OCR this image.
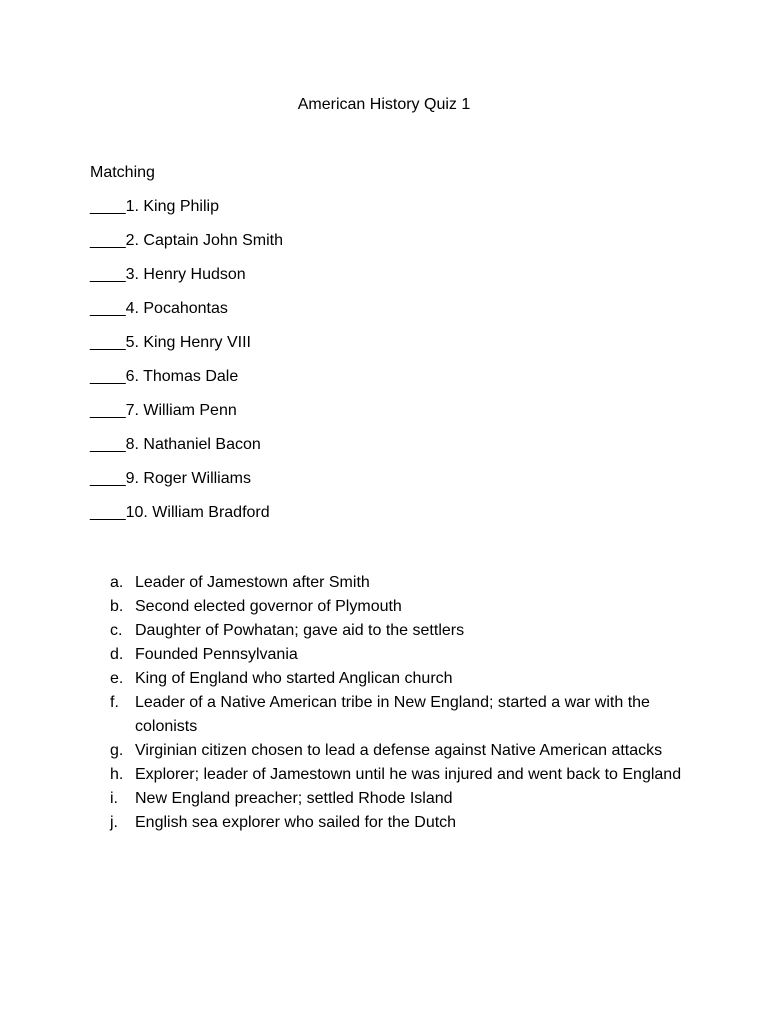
American History Quiz 1
Matching
____1. King Philip
____2. Captain John Smith
____3. Henry Hudson
____4. Pocahontas
____5. King Henry VIII
____6. Thomas Dale
____7. William Penn
____8. Nathaniel Bacon
____9. Roger Williams
____10. William Bradford
a. Leader of Jamestown after Smith
b. Second elected governor of Plymouth
c. Daughter of Powhatan; gave aid to the settlers
d. Founded Pennsylvania
e. King of England who started Anglican church
f.	Leader of a Native American tribe in New England; started a war with the colonists
g. Virginian citizen chosen to lead a defense against Native American attacks
h. Explorer; leader of Jamestown until he was injured and went back to England
i.	New England preacher; settled Rhode Island
j.	English sea explorer who sailed for the Dutch
